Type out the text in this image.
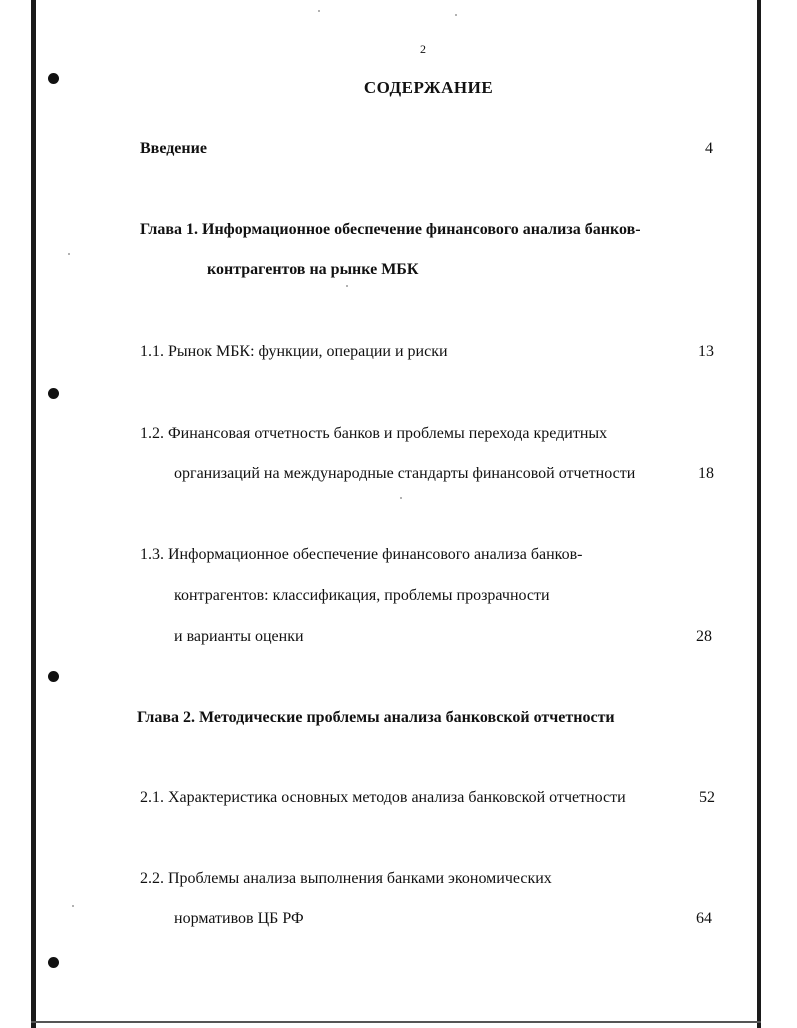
2
СОДЕРЖАНИЕ
Введение	4
Глава 1. Информационное обеспечение финансового анализа банков-
контрагентов на рынке МБК
1.1. Рынок МБК: функции, операции и риски	13
1.2. Финансовая отчетность банков и проблемы перехода кредитных
организаций на международные стандарты финансовой отчетности	18
1.3. Информационное обеспечение финансового анализа банков-
контрагентов: классификация, проблемы прозрачности
и варианты оценки	28
Глава 2. Методические проблемы анализа банковской отчетности
2.1. Характеристика основных методов анализа банковской отчетности	52
2.2. Проблемы анализа выполнения банками экономических
нормативов ЦБ РФ	64
